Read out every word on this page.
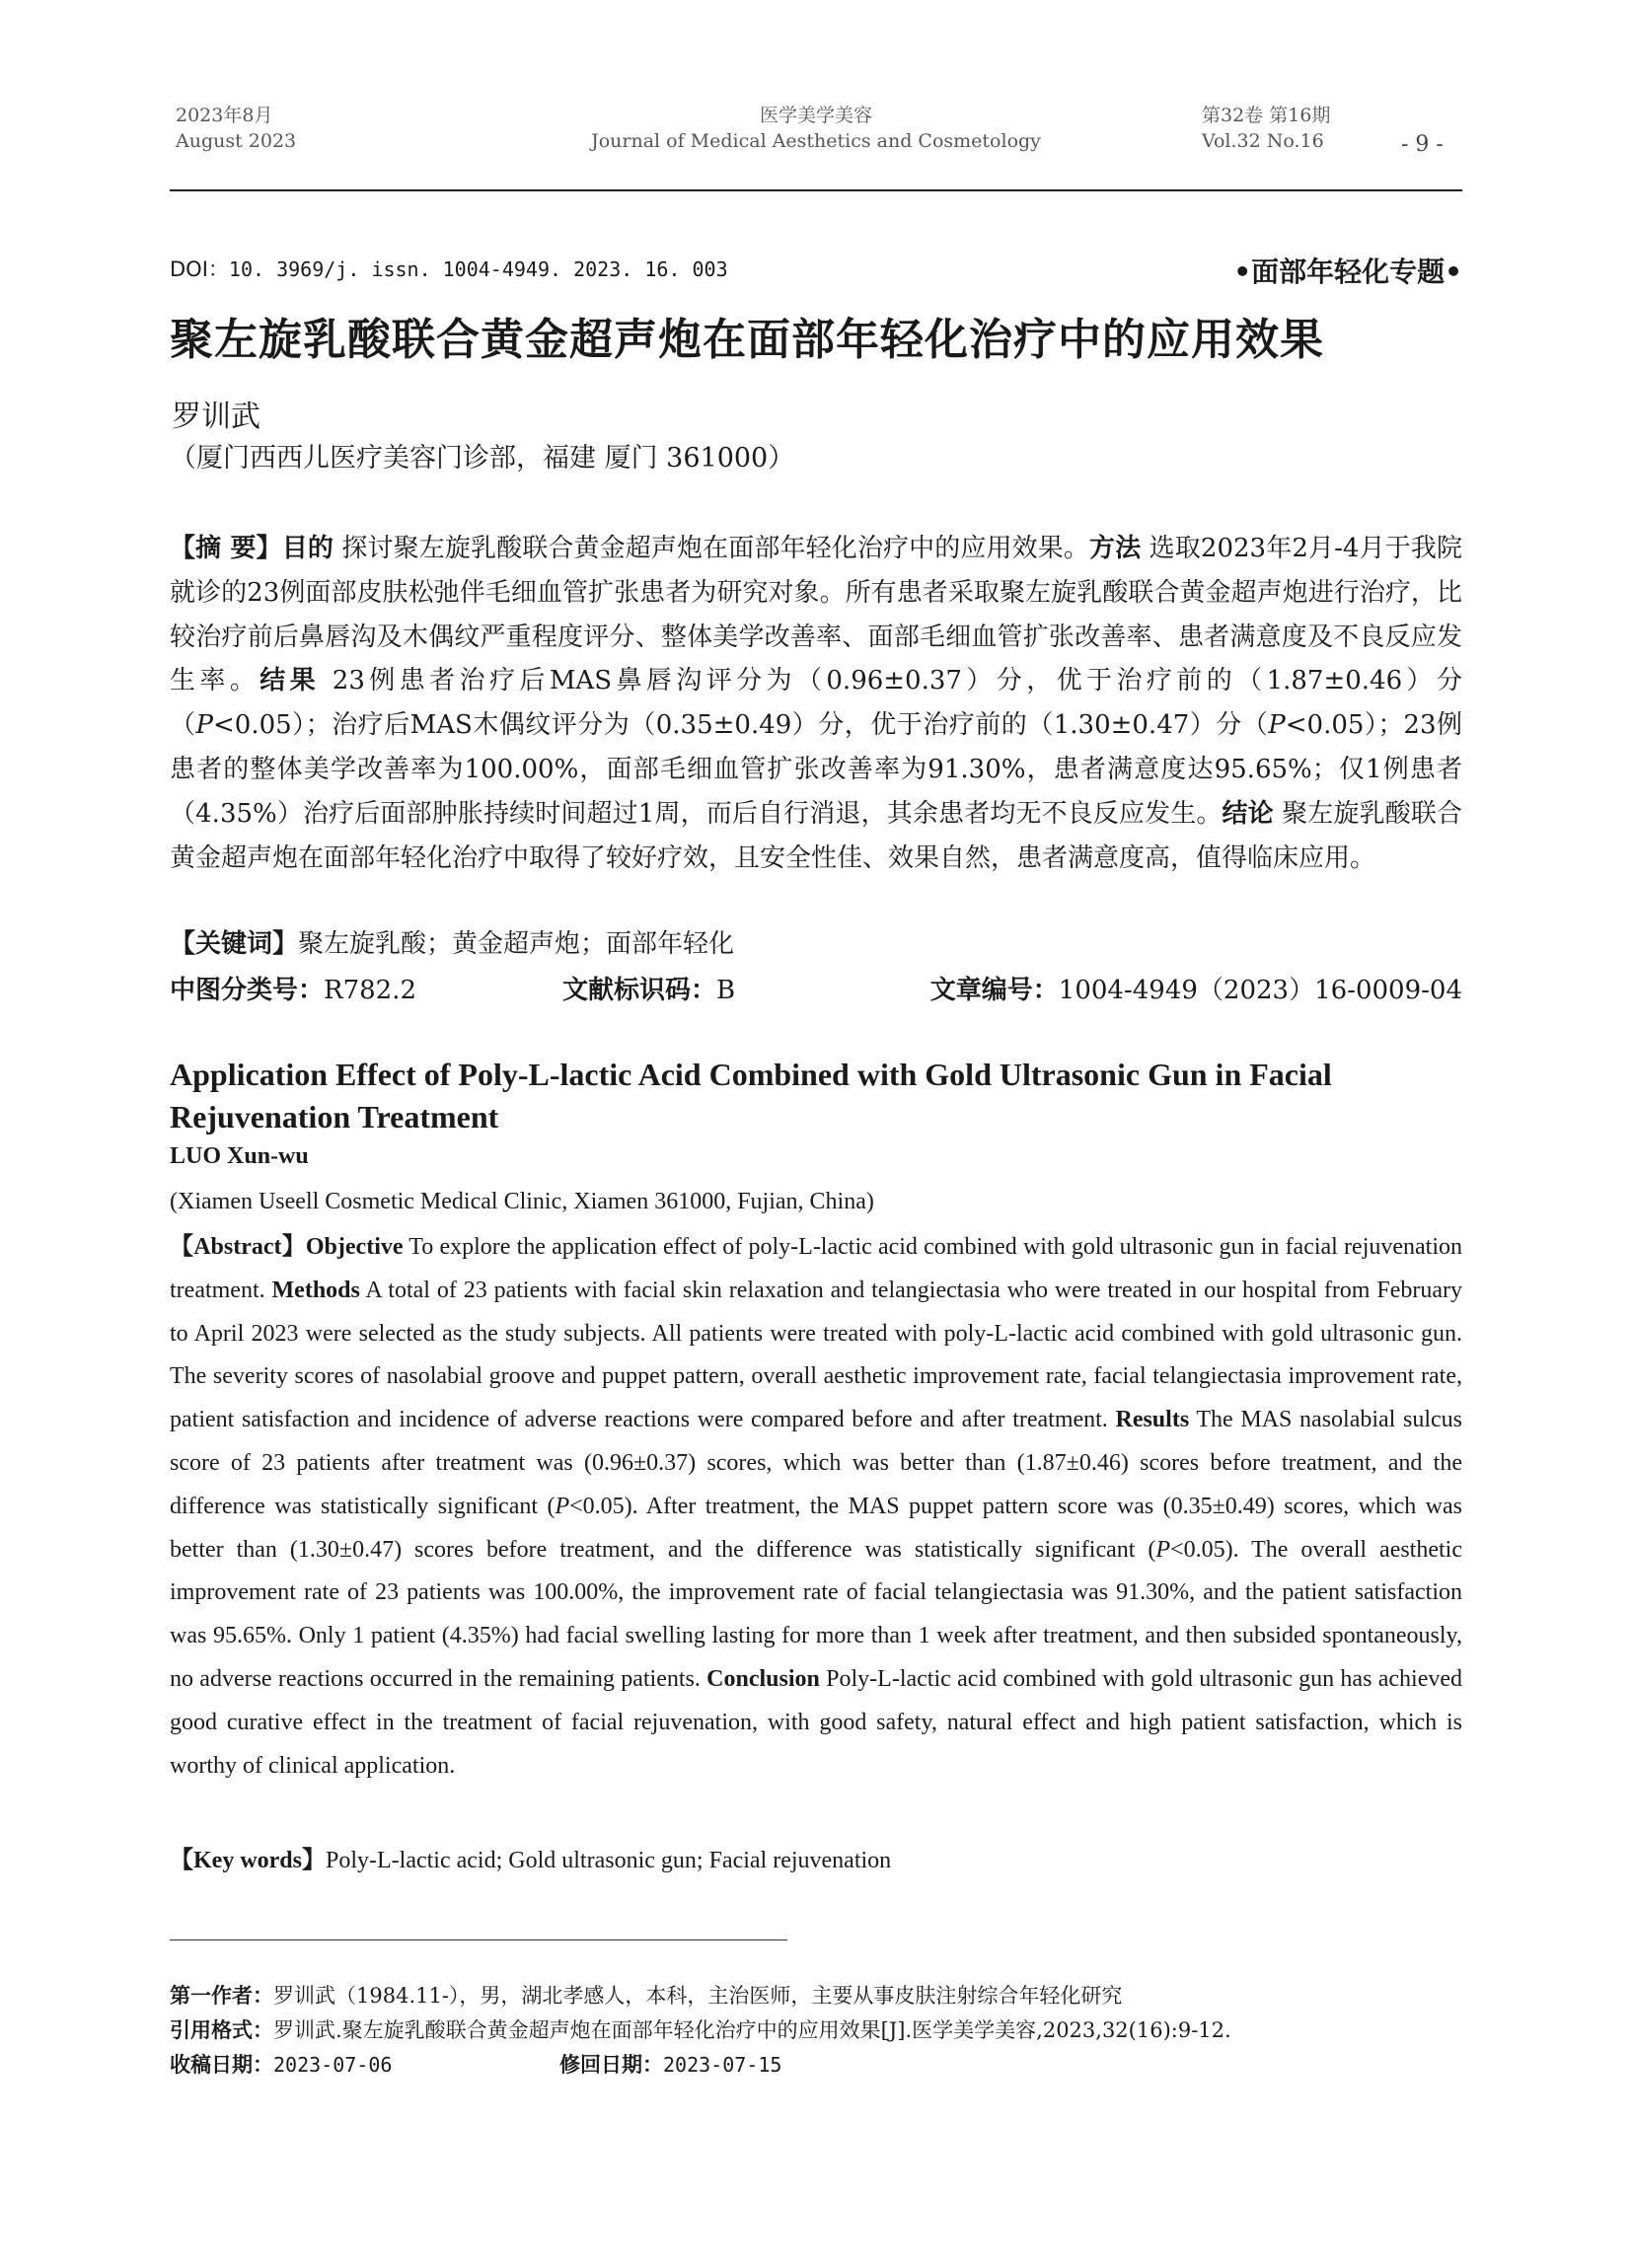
2023年8月
August 2023
医学美学美容
Journal of Medical Aesthetics and Cosmetology
第32卷 第16期
Vol.32 No.16	- 9 -
DOI：10. 3969/j. issn. 1004-4949. 2023. 16. 003	•面部年轻化专题•
聚左旋乳酸联合黄金超声炮在面部年轻化治疗中的应用效果
罗训武
（厦门西西儿医疗美容门诊部，福建 厦门 361000）
【摘 要】目的 探讨聚左旋乳酸联合黄金超声炮在面部年轻化治疗中的应用效果。方法 选取2023年2月-4月于我院就诊的23例面部皮肤松弛伴毛细血管扩张患者为研究对象。所有患者采取聚左旋乳酸联合黄金超声炮进行治疗，比较治疗前后鼻唇沟及木偶纹严重程度评分、整体美学改善率、面部毛细血管扩张改善率、患者满意度及不良反应发生率。结果 23例患者治疗后MAS鼻唇沟评分为（0.96±0.37）分，优于治疗前的（1.87±0.46）分（P<0.05）；治疗后MAS木偶纹评分为（0.35±0.49）分，优于治疗前的（1.30±0.47）分（P<0.05）；23例患者的整体美学改善率为100.00%，面部毛细血管扩张改善率为91.30%，患者满意度达95.65%；仅1例患者（4.35%）治疗后面部肿胀持续时间超过1周，而后自行消退，其余患者均无不良反应发生。结论 聚左旋乳酸联合黄金超声炮在面部年轻化治疗中取得了较好疗效，且安全性佳、效果自然，患者满意度高，值得临床应用。
【关键词】聚左旋乳酸；黄金超声炮；面部年轻化
中图分类号：R782.2	文献标识码：B	文章编号：1004-4949（2023）16-0009-04
Application Effect of Poly-L-lactic Acid Combined with Gold Ultrasonic Gun in Facial Rejuvenation Treatment
LUO Xun-wu
(Xiamen Useell Cosmetic Medical Clinic, Xiamen 361000, Fujian, China)
【Abstract】Objective To explore the application effect of poly-L-lactic acid combined with gold ultrasonic gun in facial rejuvenation treatment. Methods A total of 23 patients with facial skin relaxation and telangiectasia who were treated in our hospital from February to April 2023 were selected as the study subjects. All patients were treated with poly-L-lactic acid combined with gold ultrasonic gun. The severity scores of nasolabial groove and puppet pattern, overall aesthetic improvement rate, facial telangiectasia improvement rate, patient satisfaction and incidence of adverse reactions were compared before and after treatment. Results The MAS nasolabial sulcus score of 23 patients after treatment was (0.96±0.37) scores, which was better than (1.87±0.46) scores before treatment, and the difference was statistically significant (P<0.05). After treatment, the MAS puppet pattern score was (0.35±0.49) scores, which was better than (1.30±0.47) scores before treatment, and the difference was statistically significant (P<0.05). The overall aesthetic improvement rate of 23 patients was 100.00%, the improvement rate of facial telangiectasia was 91.30%, and the patient satisfaction was 95.65%. Only 1 patient (4.35%) had facial swelling lasting for more than 1 week after treatment, and then subsided spontaneously, no adverse reactions occurred in the remaining patients. Conclusion Poly-L-lactic acid combined with gold ultrasonic gun has achieved good curative effect in the treatment of facial rejuvenation, with good safety, natural effect and high patient satisfaction, which is worthy of clinical application.
【Key words】Poly-L-lactic acid; Gold ultrasonic gun; Facial rejuvenation
第一作者：罗训武（1984.11-），男，湖北孝感人，本科，主治医师，主要从事皮肤注射综合年轻化研究
引用格式：罗训武.聚左旋乳酸联合黄金超声炮在面部年轻化治疗中的应用效果[J].医学美学美容,2023,32(16):9-12.
收稿日期：2023-07-06	修回日期：2023-07-15
